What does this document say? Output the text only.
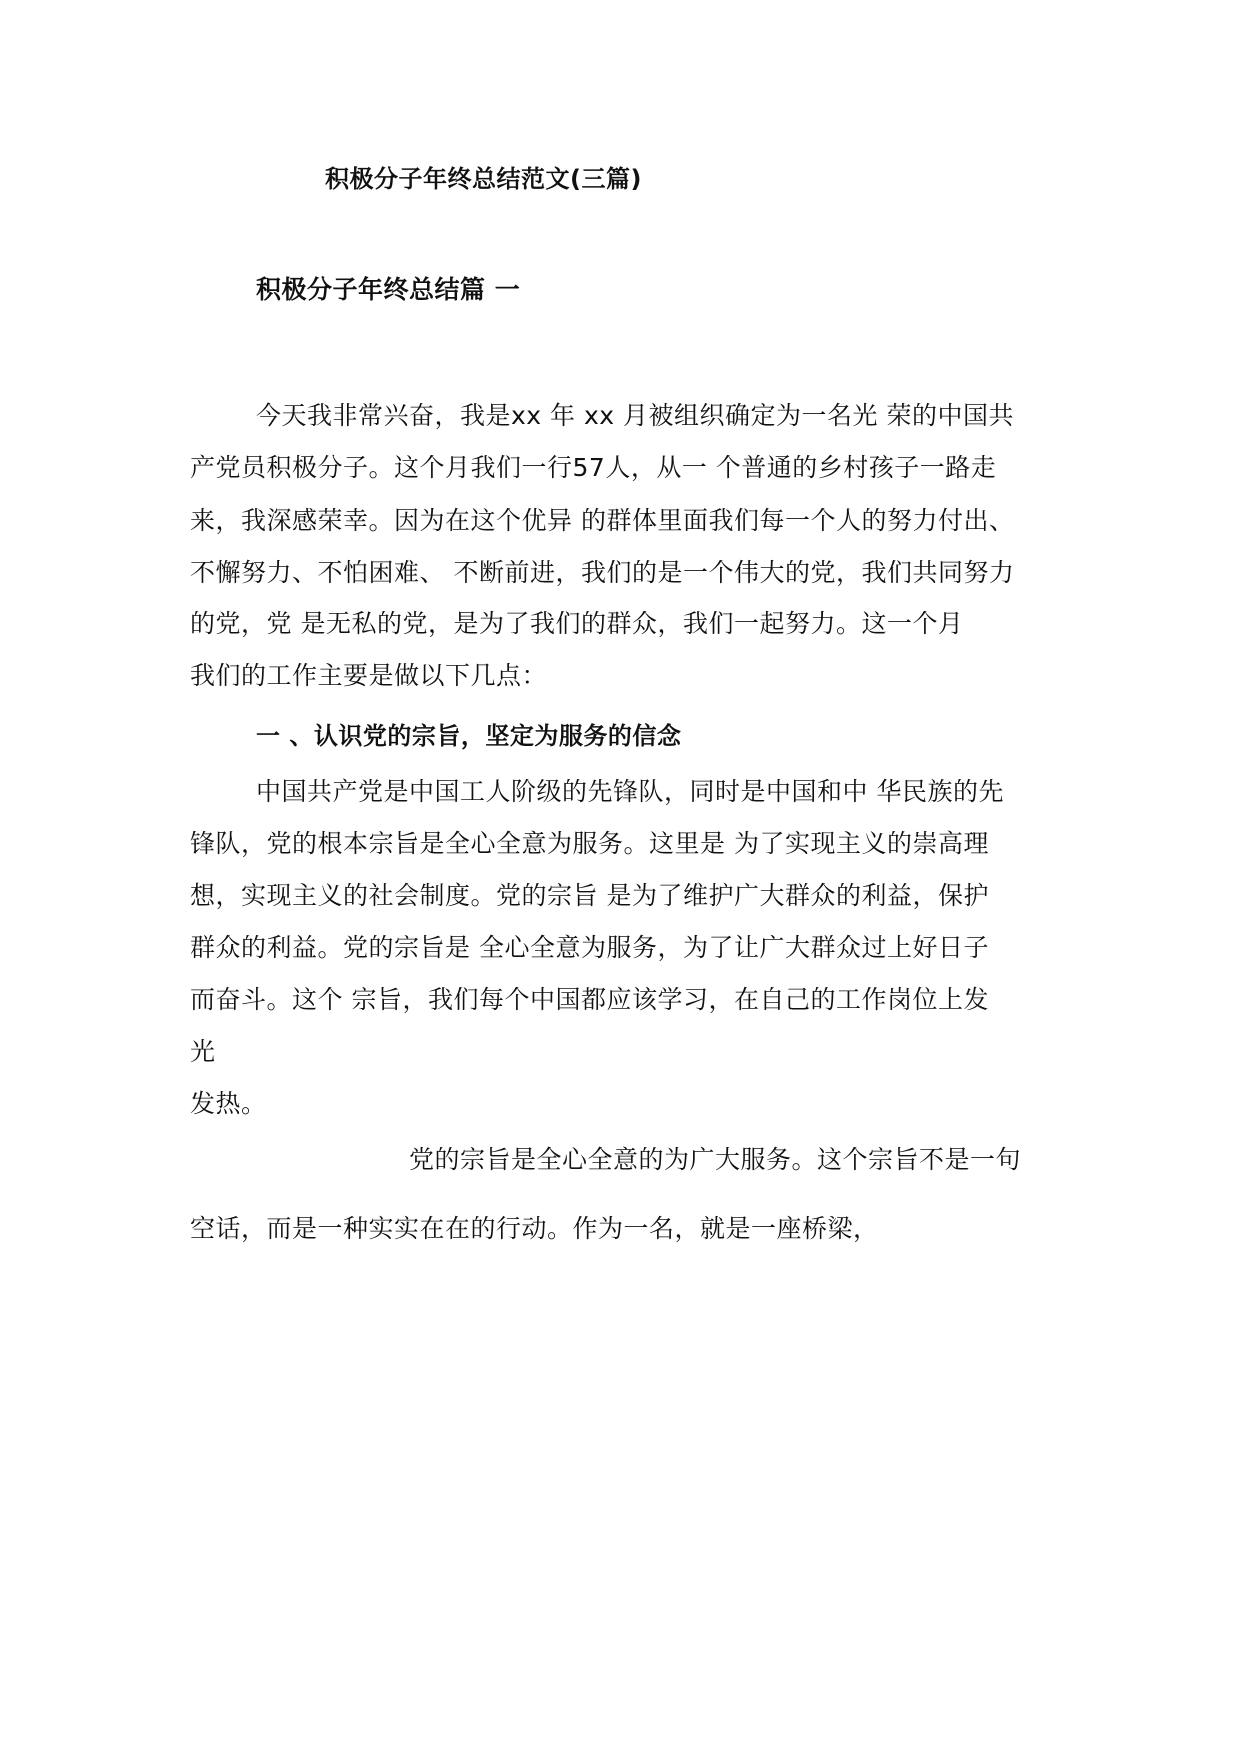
积极分子年终总结范文(三篇)
积极分子年终总结篇 一
今天我非常兴奋，我是xx 年 xx 月被组织确定为一名光 荣的中国共
产党员积极分子。这个月我们一行57人，从一 个普通的乡村孩子一路走
来，我深感荣幸。因为在这个优异 的群体里面我们每一个人的努力付出、
不懈努力、不怕困难、 不断前进，我们的是一个伟大的党，我们共同努力
的党，党 是无私的党，是为了我们的群众，我们一起努力。这一个月
我们的工作主要是做以下几点：
一 、认识党的宗旨，坚定为服务的信念
中国共产党是中国工人阶级的先锋队，同时是中国和中 华民族的先
锋队，党的根本宗旨是全心全意为服务。这里是 为了实现主义的崇高理
想，实现主义的社会制度。党的宗旨 是为了维护广大群众的利益，保护
群众的利益。党的宗旨是 全心全意为服务，为了让广大群众过上好日子
而奋斗。这个 宗旨，我们每个中国都应该学习，在自己的工作岗位上发
光
发热。
党的宗旨是全心全意的为广大服务。这个宗旨不是一句
空话，而是一种实实在在的行动。作为一名，就是一座桥梁，
